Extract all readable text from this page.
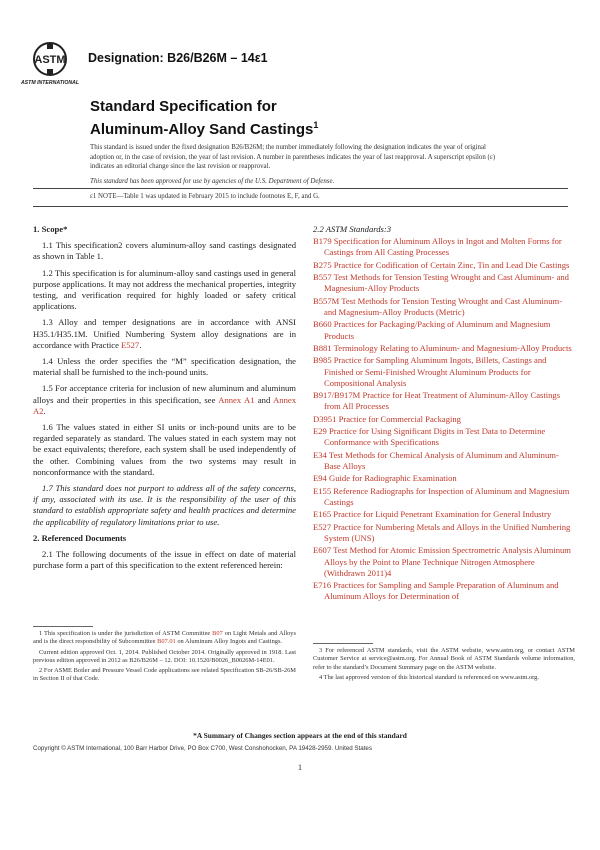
ASTM
ASTM INTERNATIONAL
Designation: B26/B26M – 14ε1
Standard Specification for
Aluminum-Alloy Sand Castings$^1$
This standard is issued under the fixed designation B26/B26M; the number immediately following the designation indicates the year of original adoption or, in the case of revision, the year of last revision. A number in parentheses indicates the year of last reapproval. A superscript epsilon (ε) indicates an editorial change since the last revision or reapproval.
This standard has been approved for use by agencies of the U.S. Department of Defense.
ε1 NOTE—Table 1 was updated in February 2015 to include footnotes E, F, and G.

1. Scope*

1.1 This specification2 covers aluminum-alloy sand castings designated as shown in Table 1.

1.2 This specification is for aluminum-alloy sand castings used in general purpose applications. It may not address the mechanical properties, integrity testing, and verification required for highly loaded or safety critical applications.

1.3 Alloy and temper designations are in accordance with ANSI H35.1/H35.1M. Unified Numbering System alloy designations are in accordance with Practice E527.

1.4 Unless the order specifies the “M” specification designation, the material shall be furnished to the inch-pound units.

1.5 For acceptance criteria for inclusion of new aluminum and aluminum alloys and their properties in this specification, see Annex A1 and Annex A2.

1.6 The values stated in either SI units or inch-pound units are to be regarded separately as standard. The values stated in each system may not be exact equivalents; therefore, each system shall be used independently of the other. Combining values from the two systems may result in nonconformance with the standard.

1.7 This standard does not purport to address all of the safety concerns, if any, associated with its use. It is the responsibility of the user of this standard to establish appropriate safety and health practices and determine the applicability of regulatory limitations prior to use.

2. Referenced Documents

2.1 The following documents of the issue in effect on date of material purchase form a part of this specification to the extent referenced herein:

2.2 ASTM Standards:3

B179 Specification for Aluminum Alloys in Ingot and Molten Forms for Castings from All Casting Processes

B275 Practice for Codification of Certain Zinc, Tin and Lead Die Castings

B557 Test Methods for Tension Testing Wrought and Cast Aluminum- and Magnesium-Alloy Products

B557M Test Methods for Tension Testing Wrought and Cast Aluminum- and Magnesium-Alloy Products (Metric)

B660 Practices for Packaging/Packing of Aluminum and Magnesium Products

B881 Terminology Relating to Aluminum- and Magnesium-Alloy Products

B985 Practice for Sampling Aluminum Ingots, Billets, Castings and Finished or Semi-Finished Wrought Aluminum Products for Compositional Analysis

B917/B917M Practice for Heat Treatment of Aluminum-Alloy Castings from All Processes

D3951 Practice for Commercial Packaging

E29 Practice for Using Significant Digits in Test Data to Determine Conformance with Specifications

E34 Test Methods for Chemical Analysis of Aluminum and Aluminum-Base Alloys

E94 Guide for Radiographic Examination

E155 Reference Radiographs for Inspection of Aluminum and Magnesium Castings

E165 Practice for Liquid Penetrant Examination for General Industry

E527 Practice for Numbering Metals and Alloys in the Unified Numbering System (UNS)

E607 Test Method for Atomic Emission Spectrometric Analysis Aluminum Alloys by the Point to Plane Technique Nitrogen Atmosphere (Withdrawn 2011)4

E716 Practices for Sampling and Sample Preparation of Aluminum and Aluminum Alloys for Determination of

1 This specification is under the jurisdiction of ASTM Committee B07 on Light Metals and Alloys and is the direct responsibility of Subcommittee B07.01 on Aluminum Alloy Ingots and Castings.

Current edition approved Oct. 1, 2014. Published October 2014. Originally approved in 1918. Last previous edition approved in 2012 as B26/B26M – 12. DOI: 10.1520/B0026_B0026M-14E01.

2 For ASME Boiler and Pressure Vessel Code applications see related Specification SB-26/SB-26M in Section II of that Code.

3 For referenced ASTM standards, visit the ASTM website, www.astm.org, or contact ASTM Customer Service at service@astm.org. For Annual Book of ASTM Standards volume information, refer to the standard’s Document Summary page on the ASTM website.

4 The last approved version of this historical standard is referenced on www.astm.org.

*A Summary of Changes section appears at the end of this standard
Copyright © ASTM International, 100 Barr Harbor Drive, PO Box C700, West Conshohocken, PA 19428-2959. United States
1
